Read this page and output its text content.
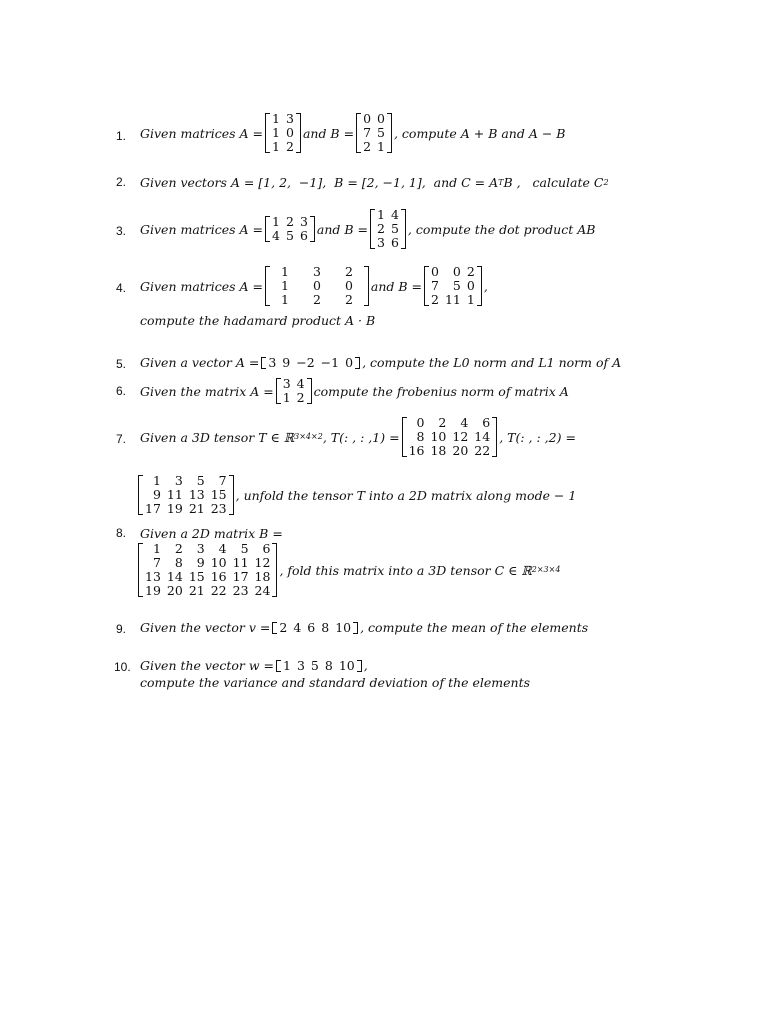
1.	Given matrices A =
1	3
1	0
1	2
and B =
0	0
7	5
2	1
, compute A + B and A − B
2.	Given vectors A = [1, 2,  −1],  B = [2, −1, 1],  and C = A T B ,   calculate C 2
3.	Given matrices A = 1	2	3
4	5	6 and B =
1	4
2	5
3	6
, compute the dot product AB
4.	Given matrices A =
1	3	2
1	0	0
1	2	2
and B =
0	0	2
7	5	0
2	11	1
,
compute the hadamard product A · B
5.	Given a vector A = 3	9	−2	−1	0 , compute the L0 norm and L1 norm of A
6.	Given the matrix A = 3	4
1	2 compute the frobenius norm of matrix A
7.	Given a 3D tensor T ∈ ℝ 3×4×2 , T(: , : ,1) =
0	2	4	6
8	10	12	14
16	18	20	22
, T(: , : ,2) =
1	3	5	7
9	11	13	15
17	19	21	23
, unfold the tensor T into a 2D matrix along mode − 1
8.	Given a 2D matrix B =
1	2	3	4	5	6
7	8	9	10	11	12
13	14	15	16	17	18
19	20	21	22	23	24
, fold this matrix into a 3D tensor C ∈ ℝ 2×3×4
9.	Given the vector v = 2	4	6	8	10 , compute the mean of the elements
10. Given the vector w = 1	3	5	8	10 ,
compute the variance and standard deviation of the elements
